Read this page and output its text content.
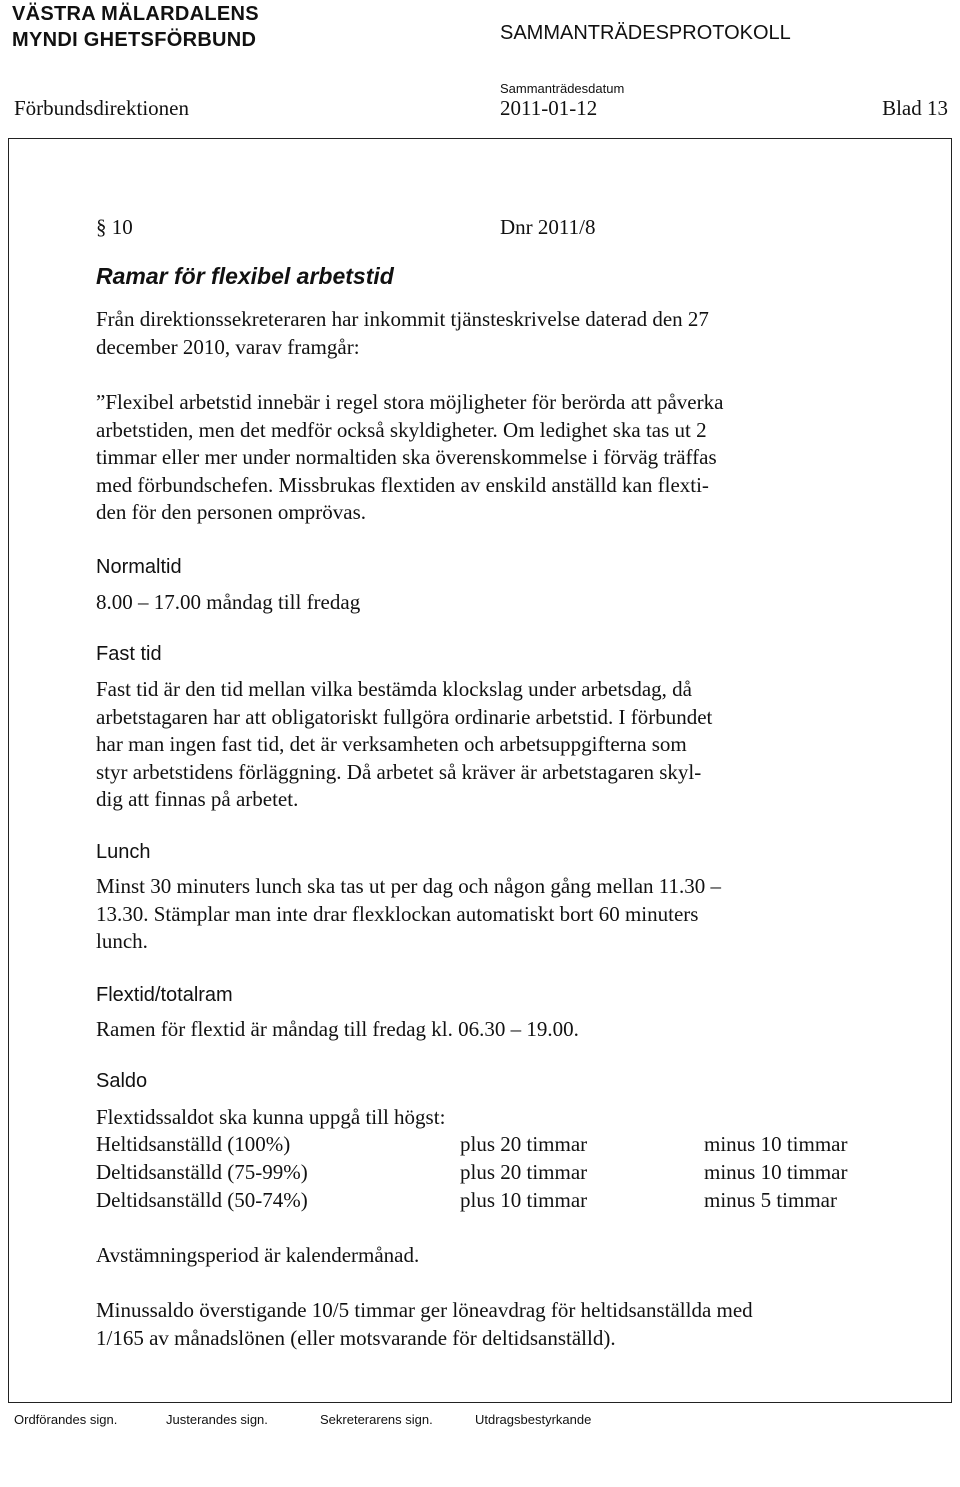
VÄSTRA MÄLARDALENS
MYNDI GHETSFÖRBUND	SAMMANTRÄDESPROTOKOLL
Sammanträdesdatum
Förbundsdirektionen	2011-01-12	Blad 13
§ 10	Dnr 2011/8
Ramar för flexibel arbetstid
Från direktionssekreteraren har inkommit tjänsteskrivelse daterad den 27
december 2010, varav framgår:
”Flexibel arbetstid innebär i regel stora möjligheter för berörda att påverka
arbetstiden, men det medför också skyldigheter. Om ledighet ska tas ut 2
timmar eller mer under normaltiden ska överenskommelse i förväg träffas
med förbundschefen. Missbrukas flextiden av enskild anställd kan flexti-
den för den personen omprövas.
Normaltid
8.00 – 17.00 måndag till fredag
Fast tid
Fast tid är den tid mellan vilka bestämda klockslag under arbetsdag, då
arbetstagaren har att obligatoriskt fullgöra ordinarie arbetstid. I förbundet
har man ingen fast tid, det är verksamheten och arbetsuppgifterna som
styr arbetstidens förläggning. Då arbetet så kräver är arbetstagaren skyl-
dig att finnas på arbetet.
Lunch
Minst 30 minuters lunch ska tas ut per dag och någon gång mellan 11.30 –
13.30. Stämplar man inte drar flexklockan automatiskt bort 60 minuters
lunch.
Flextid/totalram
Ramen för flextid är måndag till fredag kl. 06.30 – 19.00.
Saldo
Flextidssaldot ska kunna uppgå till högst:
Heltidsanställd (100%)	plus 20 timmar	minus 10 timmar
Deltidsanställd (75-99%)	plus 20 timmar	minus 10 timmar
Deltidsanställd (50-74%)	plus 10 timmar	minus 5 timmar
Avstämningsperiod är kalendermånad.
Minussaldo överstigande 10/5 timmar ger löneavdrag för heltidsanställda med
1/165 av månadslönen (eller motsvarande för deltidsanställd).
Ordförandes sign.	Justerandes sign.	Sekreterarens sign.	Utdragsbestyrkande
